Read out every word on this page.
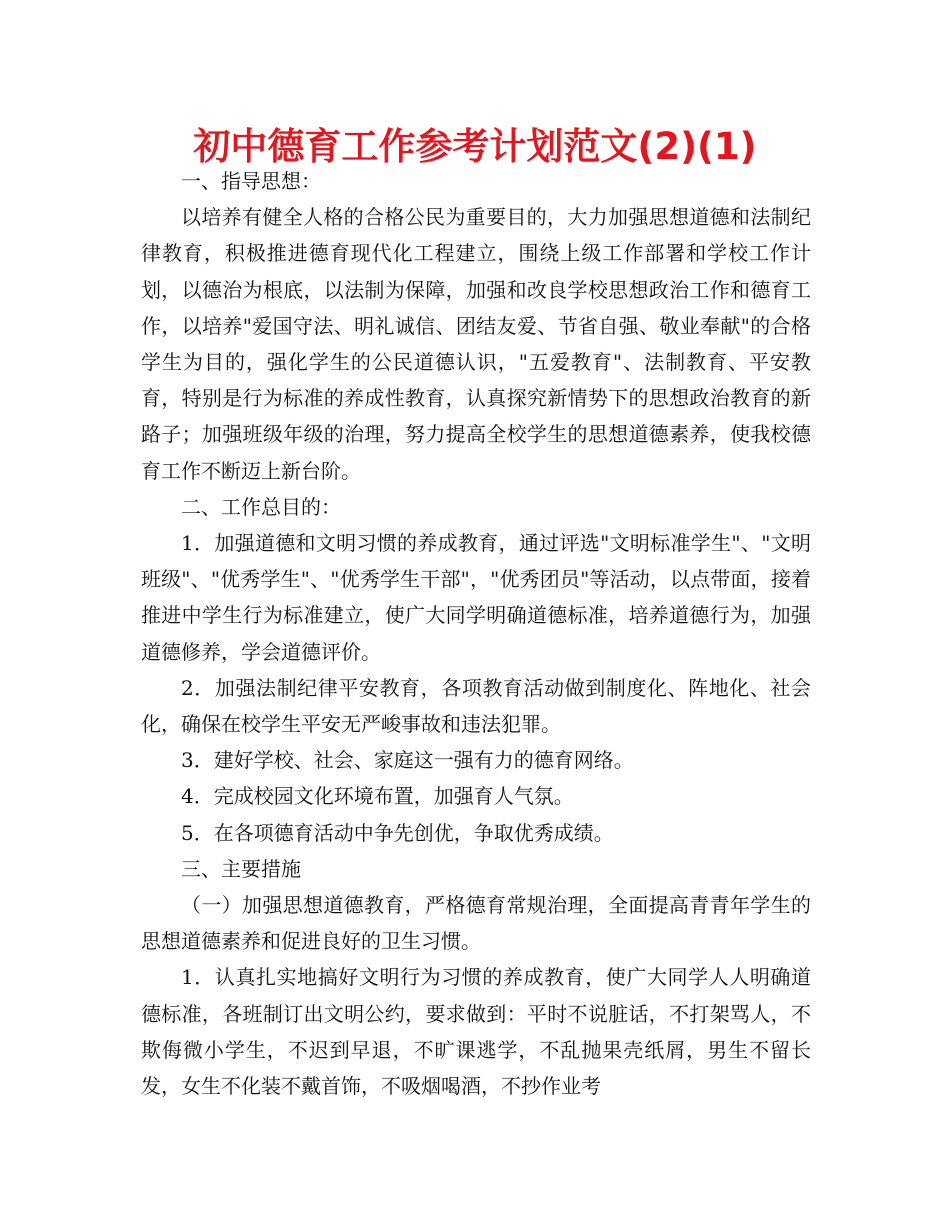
初中德育工作参考计划范文(2)(1)

一、指导思想：

以培养有健全人格的合格公民为重要目的，大力加强思想道德和法制纪律教育，积极推进德育现代化工程建立，围绕上级工作部署和学校工作计划，以德治为根底，以法制为保障，加强和改良学校思想政治工作和德育工作，以培养"爱国守法、明礼诚信、团结友爱、节省自强、敬业奉献"的合格学生为目的，强化学生的公民道德认识，"五爱教育"、法制教育、平安教育，特别是行为标准的养成性教育，认真探究新情势下的思想政治教育的新路子；加强班级年级的治理，努力提高全校学生的思想道德素养，使我校德育工作不断迈上新台阶。

二、工作总目的：

1．加强道德和文明习惯的养成教育，通过评选"文明标准学生"、"文明班级"、"优秀学生"、"优秀学生干部"，"优秀团员"等活动，以点带面，接着推进中学生行为标准建立，使广大同学明确道德标准，培养道德行为，加强道德修养，学会道德评价。

2．加强法制纪律平安教育，各项教育活动做到制度化、阵地化、社会化，确保在校学生平安无严峻事故和违法犯罪。

3．建好学校、社会、家庭这一强有力的德育网络。

4．完成校园文化环境布置，加强育人气氛。

5．在各项德育活动中争先创优，争取优秀成绩。

三、主要措施

（一）加强思想道德教育，严格德育常规治理，全面提高青青年学生的思想道德素养和促进良好的卫生习惯。

1．认真扎实地搞好文明行为习惯的养成教育，使广大同学人人明确道德标准，各班制订出文明公约，要求做到：平时不说脏话，不打架骂人，不欺侮微小学生，不迟到早退，不旷课逃学，不乱抛果壳纸屑，男生不留长发，女生不化装不戴首饰，不吸烟喝酒，不抄作业考
